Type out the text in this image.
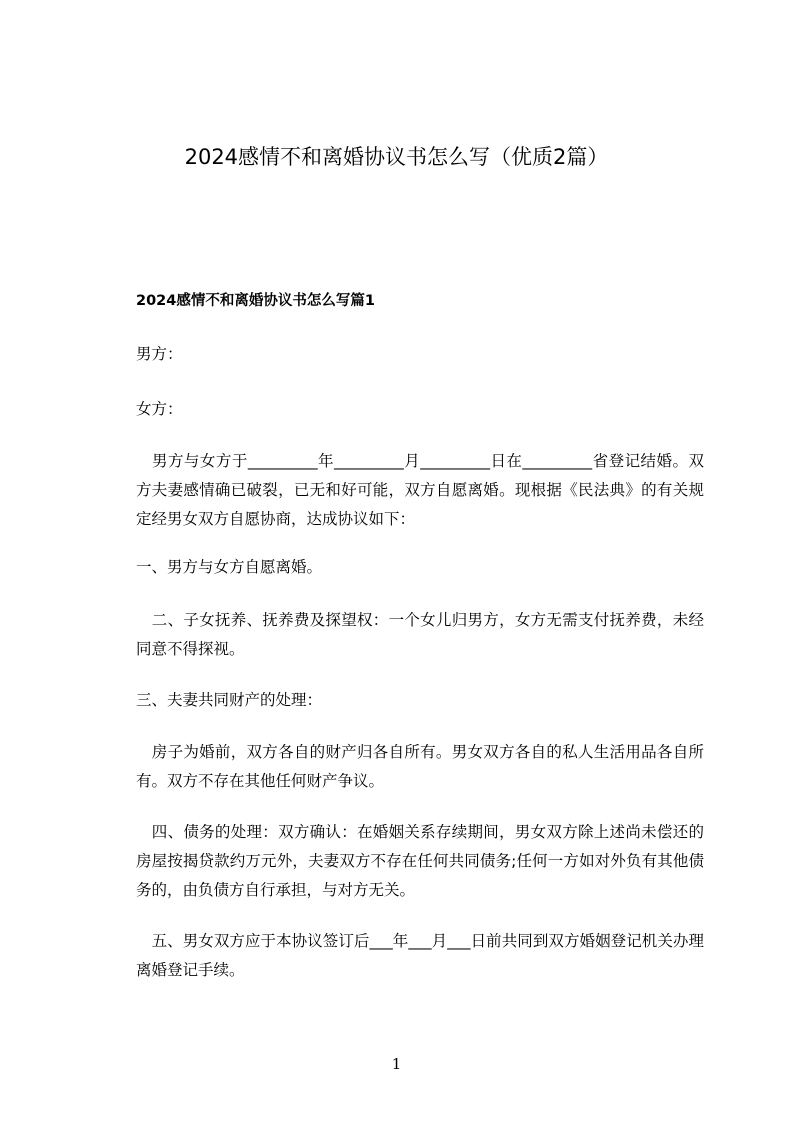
2024感情不和离婚协议书怎么写（优质2篇）
2024感情不和离婚协议书怎么写篇1
男方：
女方：
　男方与女方于_________年_________月_________日在_________省登记结婚。双 方夫妻感情确已破裂，已无和好可能，双方自愿离婚。现根据《民法典》的有关规定经男女双方自愿协商，达成协议如下：
一、男方与女方自愿离婚。
　二、子女抚养、抚养费及探望权：一个女儿归男方，女方无需支付抚养费，未经同意不得探视。
三、夫妻共同财产的处理：
　房子为婚前，双方各自的财产归各自所有。男女双方各自的私人生活用品各自所有。双方不存在其他任何财产争议。
　四、债务的处理：双方确认：在婚姻关系存续期间，男女双方除上述尚未偿还的 房屋按揭贷款约万元外，夫妻双方不存在任何共同债务;任何一方如对外负有其他债务的，由负债方自行承担，与对方无关。
　五、男女双方应于本协议签订后___年___月___日前共同到双方婚姻登记机关办理离婚登记手续。
1
